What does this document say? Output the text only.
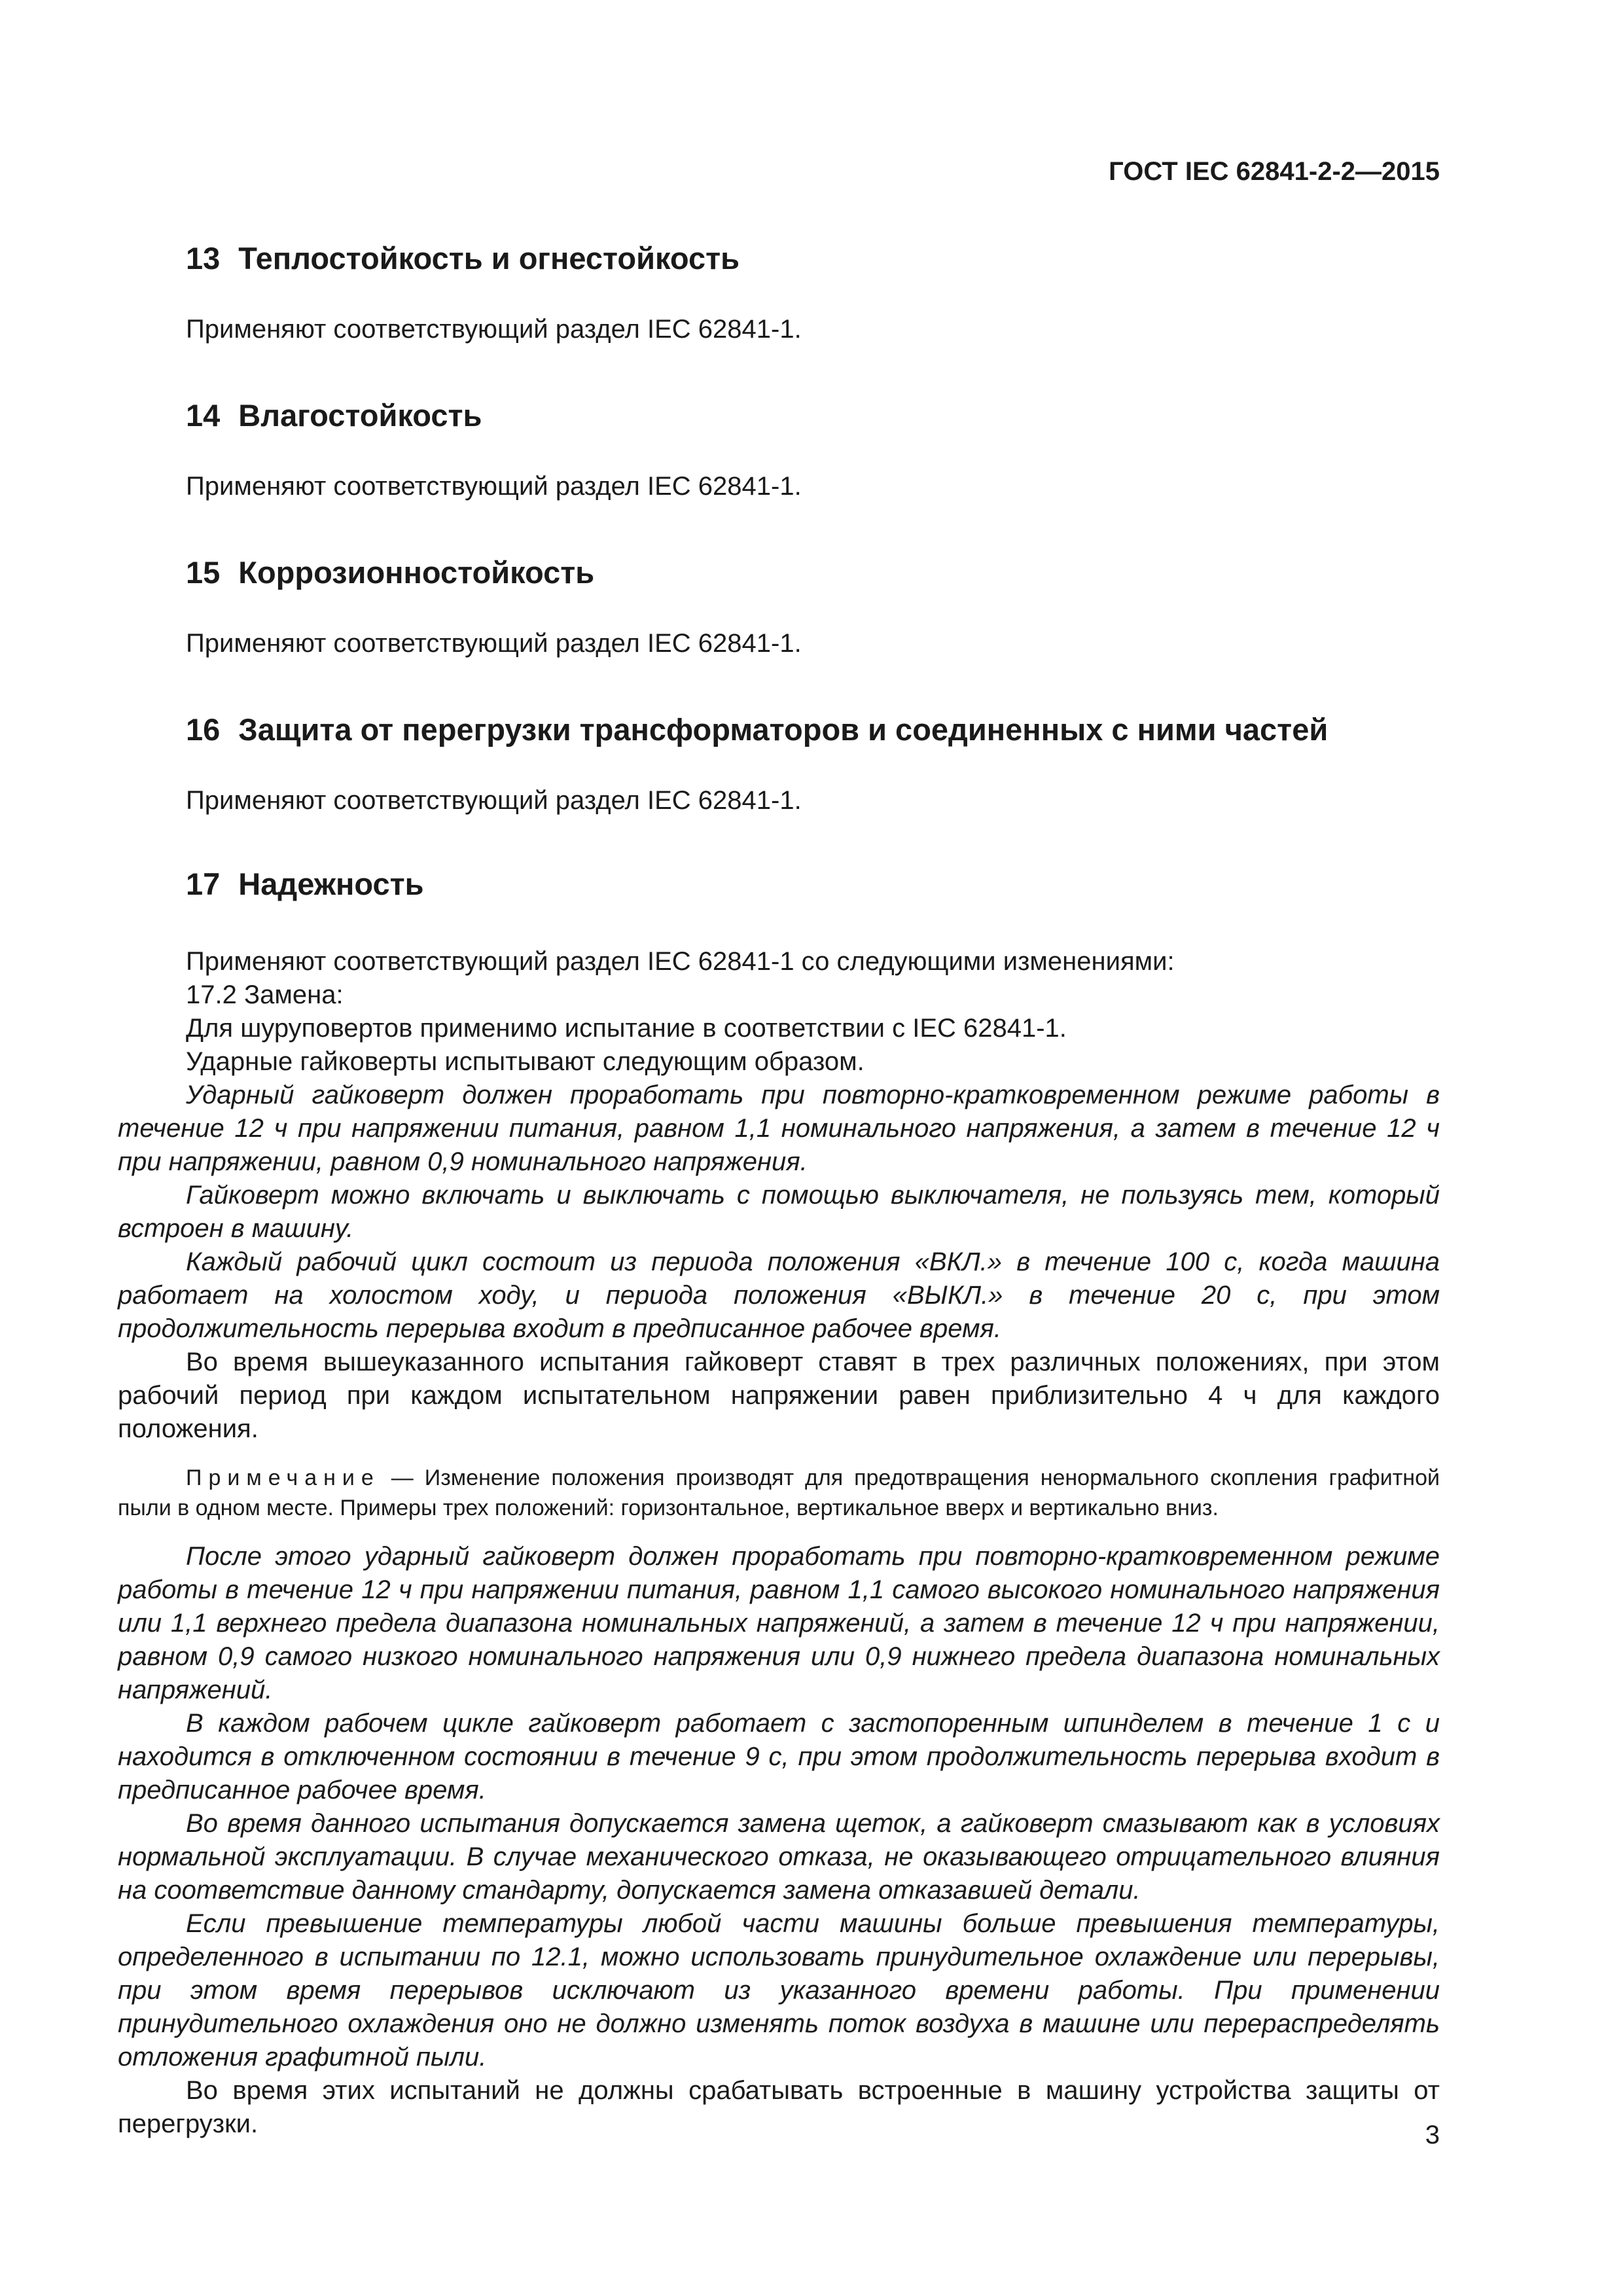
ГОСТ IEC 62841-2-2—2015

13 Теплостойкость и огнестойкость

Применяют соответствующий раздел IEC 62841-1.

14 Влагостойкость

Применяют соответствующий раздел IEC 62841-1.

15 Коррозионностойкость

Применяют соответствующий раздел IEC 62841-1.

16 Защита от перегрузки трансформаторов и соединенных с ними частей

Применяют соответствующий раздел IEC 62841-1.

17 Надежность

Применяют соответствующий раздел IEC 62841-1 со следующими изменениями:

17.2 Замена:

Для шуруповертов применимо испытание в соответствии с IEC 62841-1.

Ударные гайковерты испытывают следующим образом.

Ударный гайковерт должен проработать при повторно-кратковременном режиме работы в течение 12 ч при напряжении питания, равном 1,1 номинального напряжения, а затем в течение 12 ч при напряжении, равном 0,9 номинального напряжения.

Гайковерт можно включать и выключать с помощью выключателя, не пользуясь тем, который встроен в машину.

Каждый рабочий цикл состоит из периода положения «ВКЛ.» в течение 100 с, когда машина работает на холостом ходу, и периода положения «ВЫКЛ.» в течение 20 с, при этом продолжительность перерыва входит в предписанное рабочее время.

Во время вышеуказанного испытания гайковерт ставят в трех различных положениях, при этом рабочий период при каждом испытательном напряжении равен приблизительно 4 ч для каждого положения.

Примечание — Изменение положения производят для предотвращения ненормального скопления графитной пыли в одном месте. Примеры трех положений: горизонтальное, вертикальное вверх и вертикально вниз.

После этого ударный гайковерт должен проработать при повторно-кратковременном режиме работы в течение 12 ч при напряжении питания, равном 1,1 самого высокого номинального напряжения или 1,1 верхнего предела диапазона номинальных напряжений, а затем в течение 12 ч при напряжении, равном 0,9 самого низкого номинального напряжения или 0,9 нижнего предела диапазона номинальных напряжений.

В каждом рабочем цикле гайковерт работает с застопоренным шпинделем в течение 1 с и находится в отключенном состоянии в течение 9 с, при этом продолжительность перерыва входит в предписанное рабочее время.

Во время данного испытания допускается замена щеток, а гайковерт смазывают как в условиях нормальной эксплуатации. В случае механического отказа, не оказывающего отрицательного влияния на соответствие данному стандарту, допускается замена отказавшей детали.

Если превышение температуры любой части машины больше превышения температуры, определенного в испытании по 12.1, можно использовать принудительное охлаждение или перерывы, при этом время перерывов исключают из указанного времени работы. При применении принудительного охлаждения оно не должно изменять поток воздуха в машине или перераспределять отложения графитной пыли.

Во время этих испытаний не должны срабатывать встроенные в машину устройства защиты от перегрузки.	3
